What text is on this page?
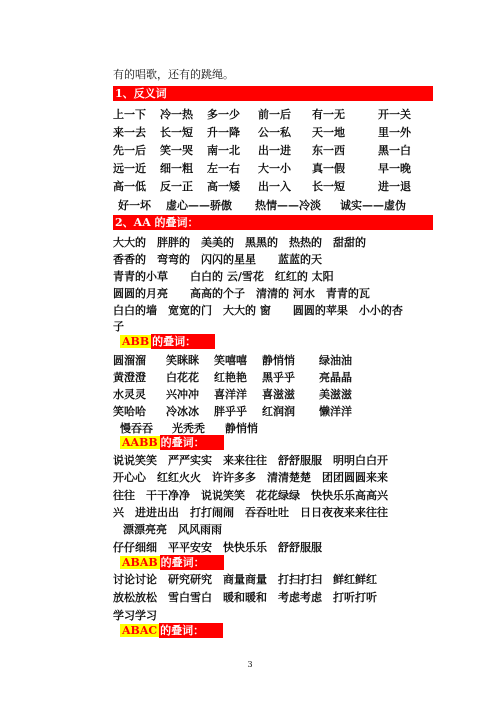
有的唱歌，还有的跳绳。
1、反义词
上一下 冷一热 多一少 前一后 有一无	开一关
来一去 长一短 升一降 公一私 天一地	里一外
先一后 笑一哭 南一北 出一进 东一西	黑一白
远一近 细一粗 左一右 大一小 真一假	早一晚
高一低 反一正 高一矮 出一入 长一短	进一退
好一坏 虚心——骄傲 热情——冷淡 诚实——虚伪
2、AA 的叠词：
大大的　胖胖的　美美的　黑黑的　热热的　甜甜的
香香的　弯弯的　闪闪的星星　　蓝蓝的天
青青的小草　　白白的 云/雪花　红红的 太阳
圆圆的月亮　　高高的个子　清清的 河水　青青的瓦
白白的墙　宽宽的门　大大的 窗　　圆圆的苹果　小小的杏
子
ABB的叠词：
圆溜溜 笑眯眯 笑嘻嘻 静悄悄 绿油油
黄澄澄 白花花 红艳艳 黑乎乎 亮晶晶
水灵灵 兴冲冲 喜洋洋 喜滋滋 美滋滋
笑哈哈 冷冰冰 胖乎乎 红润润 懒洋洋
慢吞吞 光秃秃 静悄悄
AABB的叠词：
说说笑笑　严严实实　来来往往　舒舒服服　明明白白开
开心心　红红火火　许许多多　清清楚楚　团团圆圆来来
往往　干干净净　说说笑笑　花花绿绿　快快乐乐高高兴
兴　进进出出　打打闹闹　吞吞吐吐　日日夜夜来来往往
漂漂亮亮　风风雨雨
仔仔细细　平平安安　快快乐乐　舒舒服服
ABAB的叠词：
讨论讨论　研究研究　商量商量　打扫打扫　鲜红鲜红
放松放松　雪白雪白　暖和暖和　考虑考虑　打听打听
学习学习
ABAC的叠词：
3
